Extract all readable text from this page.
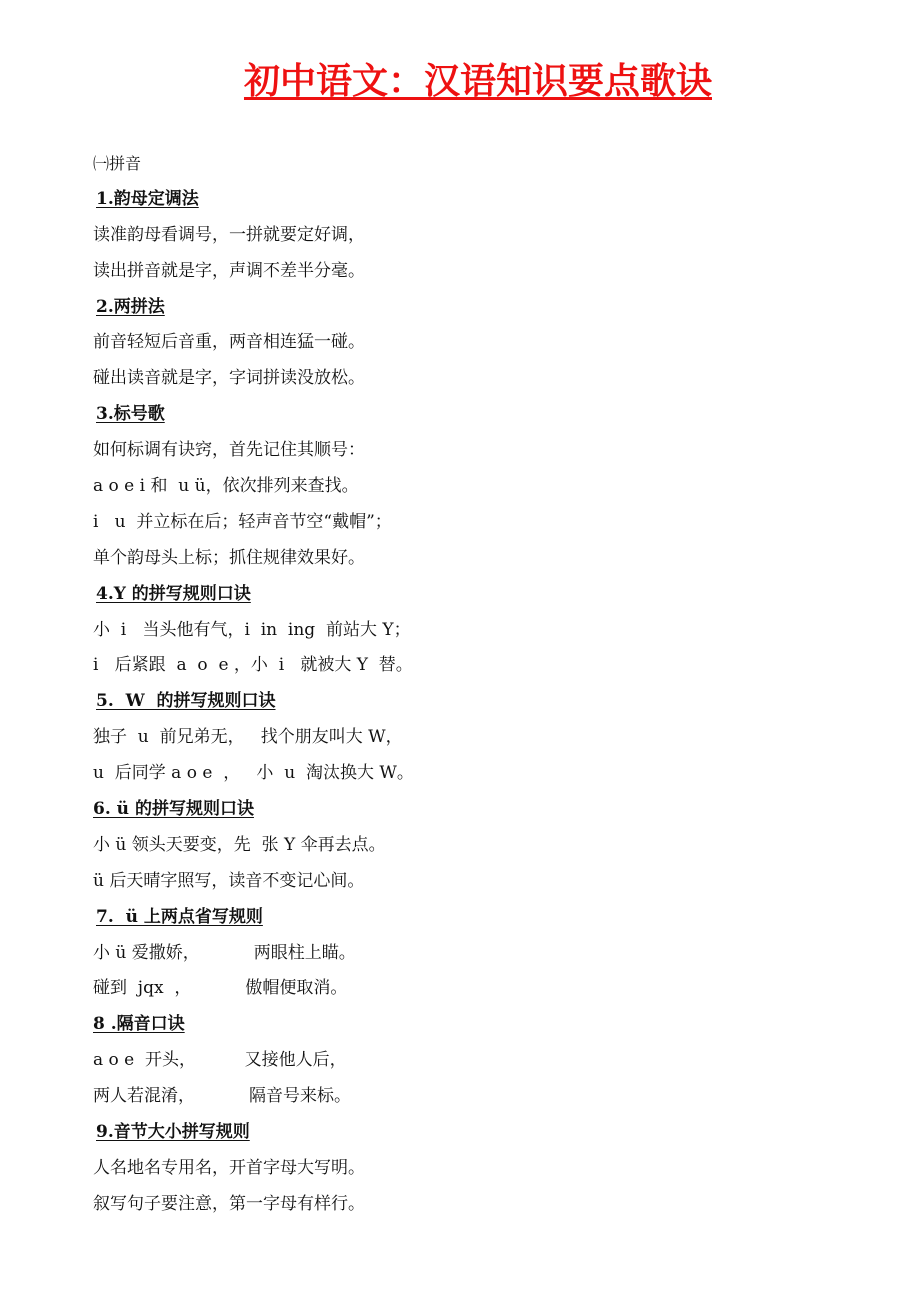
初中语文：汉语知识要点歌诀
㈠拼音
1.韵母定调法
读准韵母看调号，一拼就要定好调，
读出拼音就是字，声调不差半分毫。
2.两拼法
前音轻短后音重，两音相连猛一碰。
碰出读音就是字，字词拼读没放松。
3.标号歌
如何标调有诀窍，首先记住其顺号：
a o e i 和  u ü，依次排列来查找。
i   u  并立标在后；轻声音节空“戴帽”；
单个韵母头上标；抓住规律效果好。
4.Y 的拼写规则口诀
小  i   当头他有气，i  in  ing  前站大 Y；
i   后紧跟  a  o  e ，小  i   就被大 Y  替。
5.  W  的拼写规则口诀
独子  u  前兄弟无，   找个朋友叫大 W，
u  后同学 a o e  ，   小  u  淘汰换大 W。
6. ü 的拼写规则口诀
小 ü 领头天要变，先  张 Y 伞再去点。
ü 后天晴字照写，读音不变记心间。
7.  ü 上两点省写规则
小 ü 爱撒娇，          两眼柱上瞄。
碰到  jqx  ，          傲帽便取消。
8 .隔音口诀
a o e  开头，         又接他人后，
两人若混淆，          隔音号来标。
9.音节大小拼写规则
人名地名专用名，开首字母大写明。
叙写句子要注意，第一字母有样行。
